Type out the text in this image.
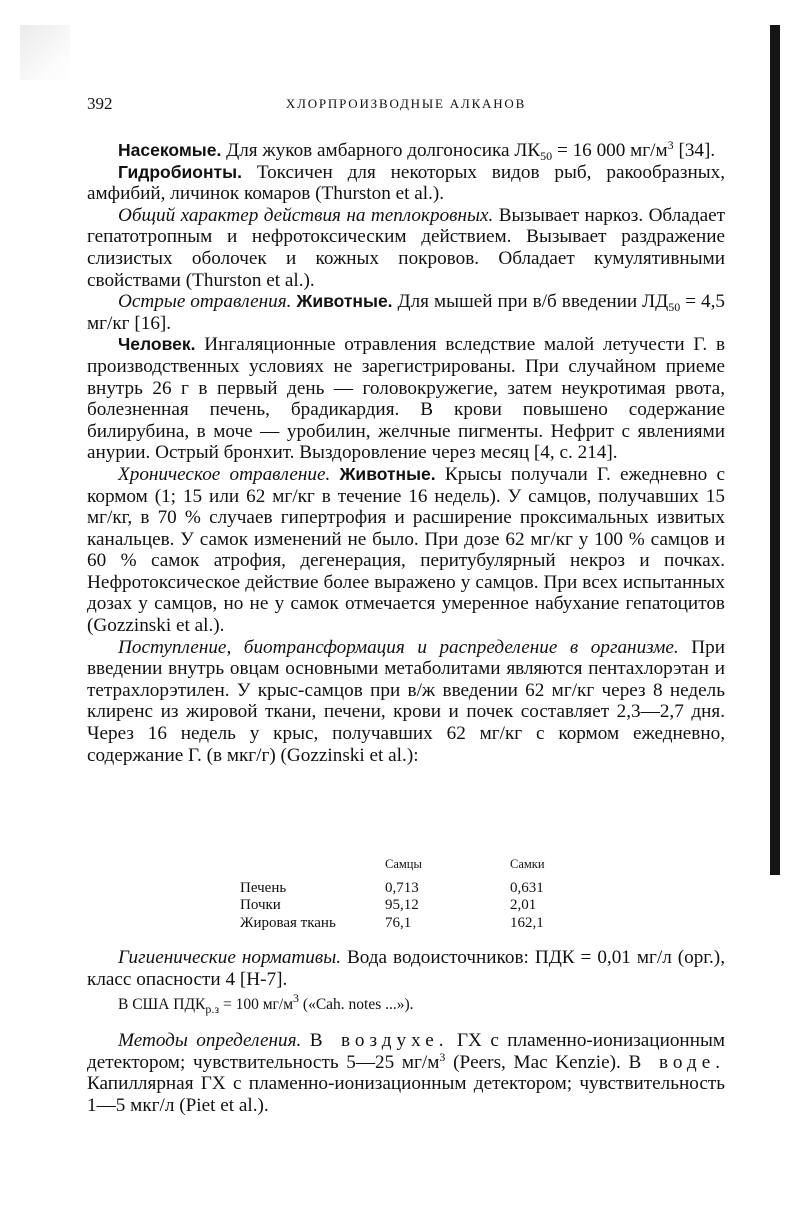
392	ХЛОРПРОИЗВОДНЫЕ АЛКАНОВ

Насекомые. Для жуков амбарного долгоносика $ЛК_{50} = 16$ 000 $мг/м^3$ [34].

Гидробионты. Токсичен для некоторых видов рыб, ракообразных, амфибий, личинок комаров (Thurston et al.).

Общий характер действия на теплокровных. Вызывает наркоз. Обладает гепатотропным и нефротоксическим действием. Вызывает раздражение слизистых оболочек и кожных покровов. Обладает кумулятивными свойствами (Thurston et al.).

Острые отравления. Животные. Для мышей при в/б введении $ЛД_{50} = 4,5$ мг/кг [16].

Человек. Ингаляционные отравления вследствие малой летучести Г. в производственных условиях не зарегистрированы. При случайном приеме внутрь 26 г в первый день — головокружегие, затем неукротимая рвота, болезненная печень, брадикардия. В крови повышено содержание билирубина, в моче — уробилин, желчные пигменты. Нефрит с явлениями анурии. Острый бронхит. Выздоровление через месяц [4, с. 214].

Хроническое отравление. Животные. Крысы получали Г. ежедневно с кормом (1; 15 или 62 мг/кг в течение 16 недель). У самцов, получавших 15 мг/кг, в 70 % случаев гипертрофия и расширение проксимальных извитых канальцев. У самок изменений не было. При дозе 62 мг/кг у 100 % самцов и 60 % самок атрофия, дегенерация, перитубулярный некроз и почках. Нефротоксическое действие более выражено у самцов. При всех испытанных дозах у самцов, но не у самок отмечается умеренное набухание гепатоцитов (Gozzinski et al.).

Поступление, биотрансформация и распределение в организме. При введении внутрь овцам основными метаболитами являются пентахлорэтан и тетрахлорэтилен. У крыс-самцов при в/ж введении 62 мг/кг через 8 недель клиренс из жировой ткани, печени, крови и почек составляет 2,3—2,7 дня. Через 16 недель у крыс, получавших 62 мг/кг с кормом ежедневно, содержание Г. (в мкг/г) (Gozzinski et al.):

	Самцы	Самки
Печень	0,713	0,631
Почки	95,12	2,01
Жировая ткань	76,1	162,1

Гигиенические нормативы. Вода водоисточников: ПДК = 0,01 мг/л (орг.), класс опасности 4 [Н-7].

В США $ПДК_{р.з} = 100$ $мг/м^3$ («Cah. notes ...»).

Методы определения. В воздухе. ГХ с пламенно-ионизационным детектором; чувствительность 5—25 $мг/м^3$ (Peers, Mac Kenzie). В воде. Капиллярная ГХ с пламенно-ионизационным детектором; чувствительность 1—5 мкг/л (Piet et al.).
